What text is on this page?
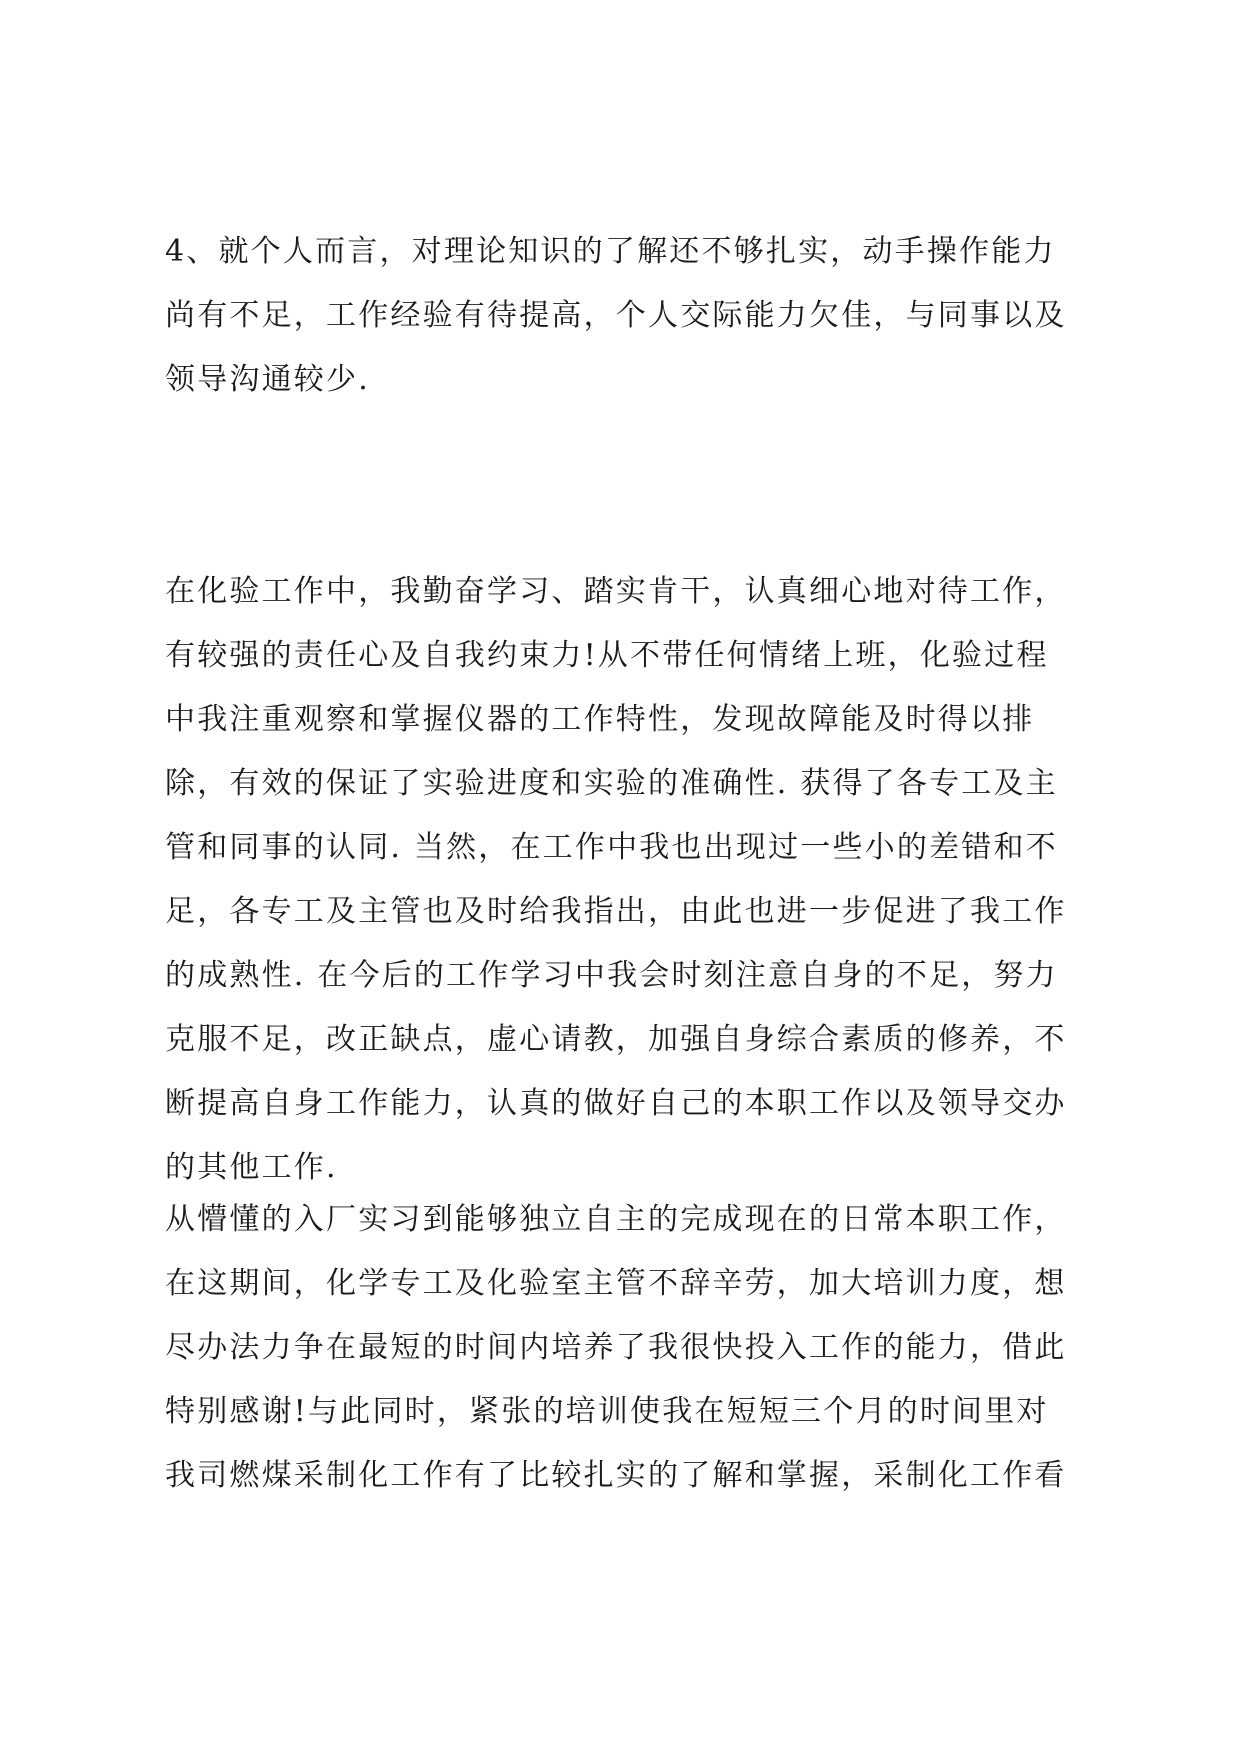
4、就个人而言，对理论知识的了解还不够扎实，动手操作能力
尚有不足，工作经验有待提高，个人交际能力欠佳，与同事以及
领导沟通较少.

在化验工作中，我勤奋学习、踏实肯干，认真细心地对待工作，
有较强的责任心及自我约束力!从不带任何情绪上班，化验过程
中我注重观察和掌握仪器的工作特性，发现故障能及时得以排
除，有效的保证了实验进度和实验的准确性. 获得了各专工及主
管和同事的认同. 当然，在工作中我也出现过一些小的差错和不
足，各专工及主管也及时给我指出，由此也进一步促进了我工作
的成熟性. 在今后的工作学习中我会时刻注意自身的不足，努力
克服不足，改正缺点，虚心请教，加强自身综合素质的修养，不
断提高自身工作能力，认真的做好自己的本职工作以及领导交办
的其他工作.

从懵懂的入厂实习到能够独立自主的完成现在的日常本职工作，
在这期间，化学专工及化验室主管不辞辛劳，加大培训力度，想
尽办法力争在最短的时间内培养了我很快投入工作的能力，借此
特别感谢!与此同时，紧张的培训使我在短短三个月的时间里对
我司燃煤采制化工作有了比较扎实的了解和掌握，采制化工作看
